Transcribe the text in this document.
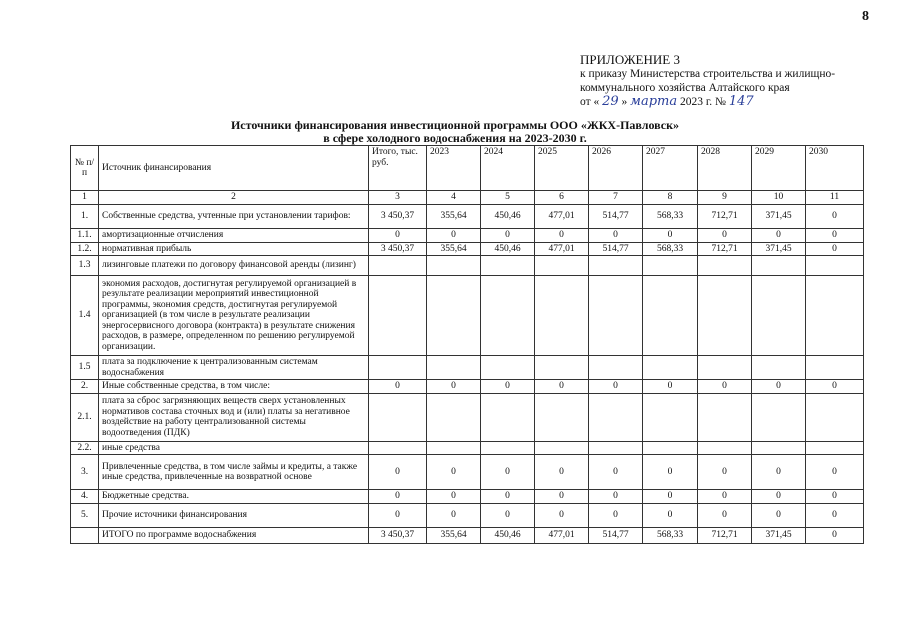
8
ПРИЛОЖЕНИЕ 3
к приказу Министерства строительства и жилищно-
коммунального хозяйства Алтайского края
от « 29 » марта 2023 г. № 147
Источники финансирования инвестиционной программы ООО «ЖКХ-Павловск»
в сфере холодного водоснабжения на 2023-2030 г.
№ п/п	Источник финансирования	Итого, тыс. руб.	2023	2024	2025	2026	2027	2028	2029	2030
1	2	3	4	5	6	7	8	9	10	11
1.	Собственные средства, учтенные при установлении тарифов:	3 450,37	355,64	450,46	477,01	514,77	568,33	712,71	371,45	0
1.1.	амортизационные отчисления	0	0	0	0	0	0	0	0	0
1.2.	нормативная прибыль	3 450,37	355,64	450,46	477,01	514,77	568,33	712,71	371,45	0
1.3	лизинговые платежи по договору финансовой аренды (лизинг)									
1.4	экономия расходов, достигнутая регулируемой организацией в результате реализации мероприятий инвестиционной программы, экономия средств, достигнутая регулируемой организацией (в том числе в результате реализации энергосервисного договора (контракта) в результате снижения расходов, в размере, определенном по решению регулируемой организации.									
1.5	плата за подключение к централизованным системам водоснабжения									
2.	Иные собственные средства, в том числе:	0	0	0	0	0	0	0	0	0
2.1.	плата за сброс загрязняющих веществ сверх установленных нормативов состава сточных вод и (или) платы за негативное воздействие на работу централизованной системы водоотведения (ПДК)									
2.2.	иные средства									
3.	Привлеченные средства, в том числе займы и кредиты, а также иные средства, привлеченные на возвратной основе	0	0	0	0	0	0	0	0	0
4.	Бюджетные средства.	0	0	0	0	0	0	0	0	0
5.	Прочие источники финансирования	0	0	0	0	0	0	0	0	0
	ИТОГО по программе водоснабжения	3 450,37	355,64	450,46	477,01	514,77	568,33	712,71	371,45	0
